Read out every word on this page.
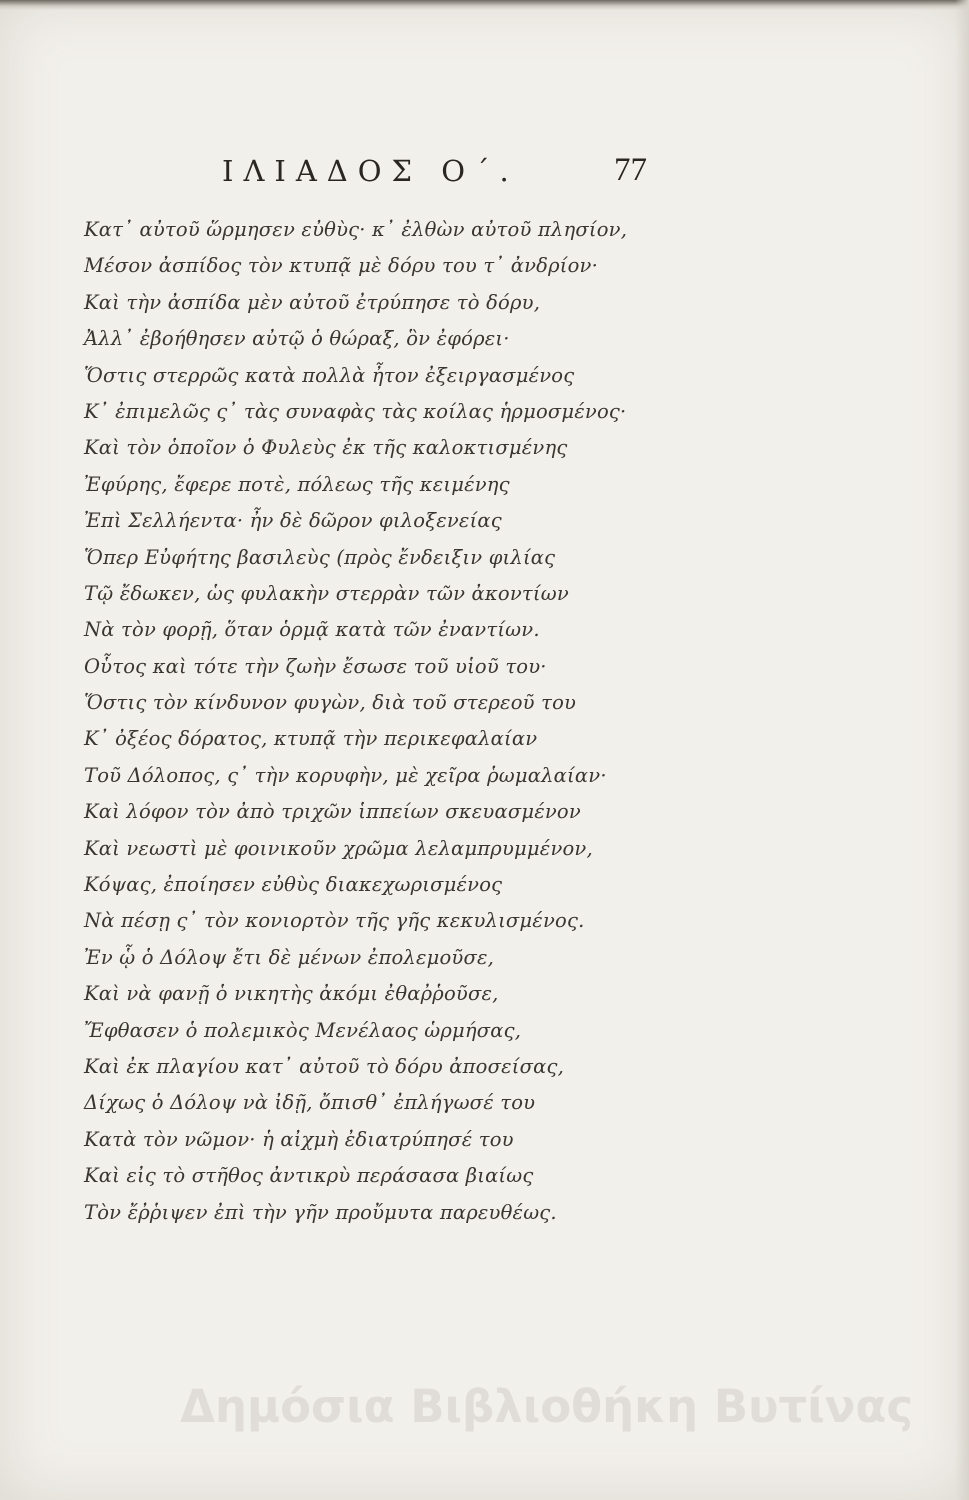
ΙΛΙΑΔΟΣ Ο΄.	77
Κατ᾽ αὐτοῦ ὥρμησεν εὐθὺς· κ᾽ ἐλθὼν αὐτοῦ πλησίον,
Μέσον ἀσπίδος τὸν κτυπᾷ μὲ δόρυ του τ᾽ ἀνδρίον·
Καὶ τὴν ἀσπίδα μὲν αὐτοῦ ἐτρύπησε τὸ δόρυ,
Ἀλλ᾽ ἐβοήθησεν αὐτῷ ὁ θώραξ, ὃν ἐφόρει·
Ὅστις στερρῶς κατὰ πολλὰ ἦτον ἐξειργασμένος
Κ᾽ ἐπιμελῶς ς᾽ τὰς συναφὰς τὰς κοίλας ἡρμοσμένος·
Καὶ τὸν ὁποῖον ὁ Φυλεὺς ἐκ τῆς καλοκτισμένης
Ἐφύρης, ἔφερε ποτὲ, πόλεως τῆς κειμένης
Ἐπὶ Σελλήεντα· ἦν δὲ δῶρον φιλοξενείας
Ὅπερ Εὐφήτης βασιλεὺς (πρὸς ἔνδειξιν φιλίας
Τῷ ἔδωκεν, ὡς φυλακὴν στερρὰν τῶν ἀκοντίων
Νὰ τὸν φορῇ, ὅταν ὁρμᾷ κατὰ τῶν ἐναντίων.
Οὗτος καὶ τότε τὴν ζωὴν ἔσωσε τοῦ υἱοῦ του·
Ὅστις τὸν κίνδυνον φυγὼν, διὰ τοῦ στερεοῦ του
Κ᾽ ὀξέος δόρατος, κτυπᾷ τὴν περικεφαλαίαν
Τοῦ Δόλοπος, ς᾽ τὴν κορυφὴν, μὲ χεῖρα ῥωμαλαίαν·
Καὶ λόφον τὸν ἀπὸ τριχῶν ἱππείων σκευασμένον
Καὶ νεωστὶ μὲ φοινικοῦν χρῶμα λελαμπρυμμένον,
Κόψας, ἐποίησεν εὐθὺς διακεχωρισμένος
Νὰ πέσῃ ς᾽ τὸν κονιορτὸν τῆς γῆς κεκυλισμένος.
Ἐν ᾧ ὁ Δόλοψ ἔτι δὲ μένων ἐπολεμοῦσε,
Καὶ νὰ φανῇ ὁ νικητὴς ἀκόμι ἐθαῤῥοῦσε,
Ἔφθασεν ὁ πολεμικὸς Μενέλαος ὡρμήσας,
Καὶ ἐκ πλαγίου κατ᾽ αὐτοῦ τὸ δόρυ ἀποσείσας,
Δίχως ὁ Δόλοψ νὰ ἰδῇ, ὄπισθ᾽ ἐπλήγωσέ του
Κατὰ τὸν νῶμον· ἡ αἰχμὴ ἐδιατρύπησέ του
Καὶ εἰς τὸ στῆθος ἀντικρὺ περάσασα βιαίως
Τὸν ἔῤῥιψεν ἐπὶ τὴν γῆν προὔμυτα παρευθέως.
Δημόσια Βιβλιοθήκη Βυτίνας
